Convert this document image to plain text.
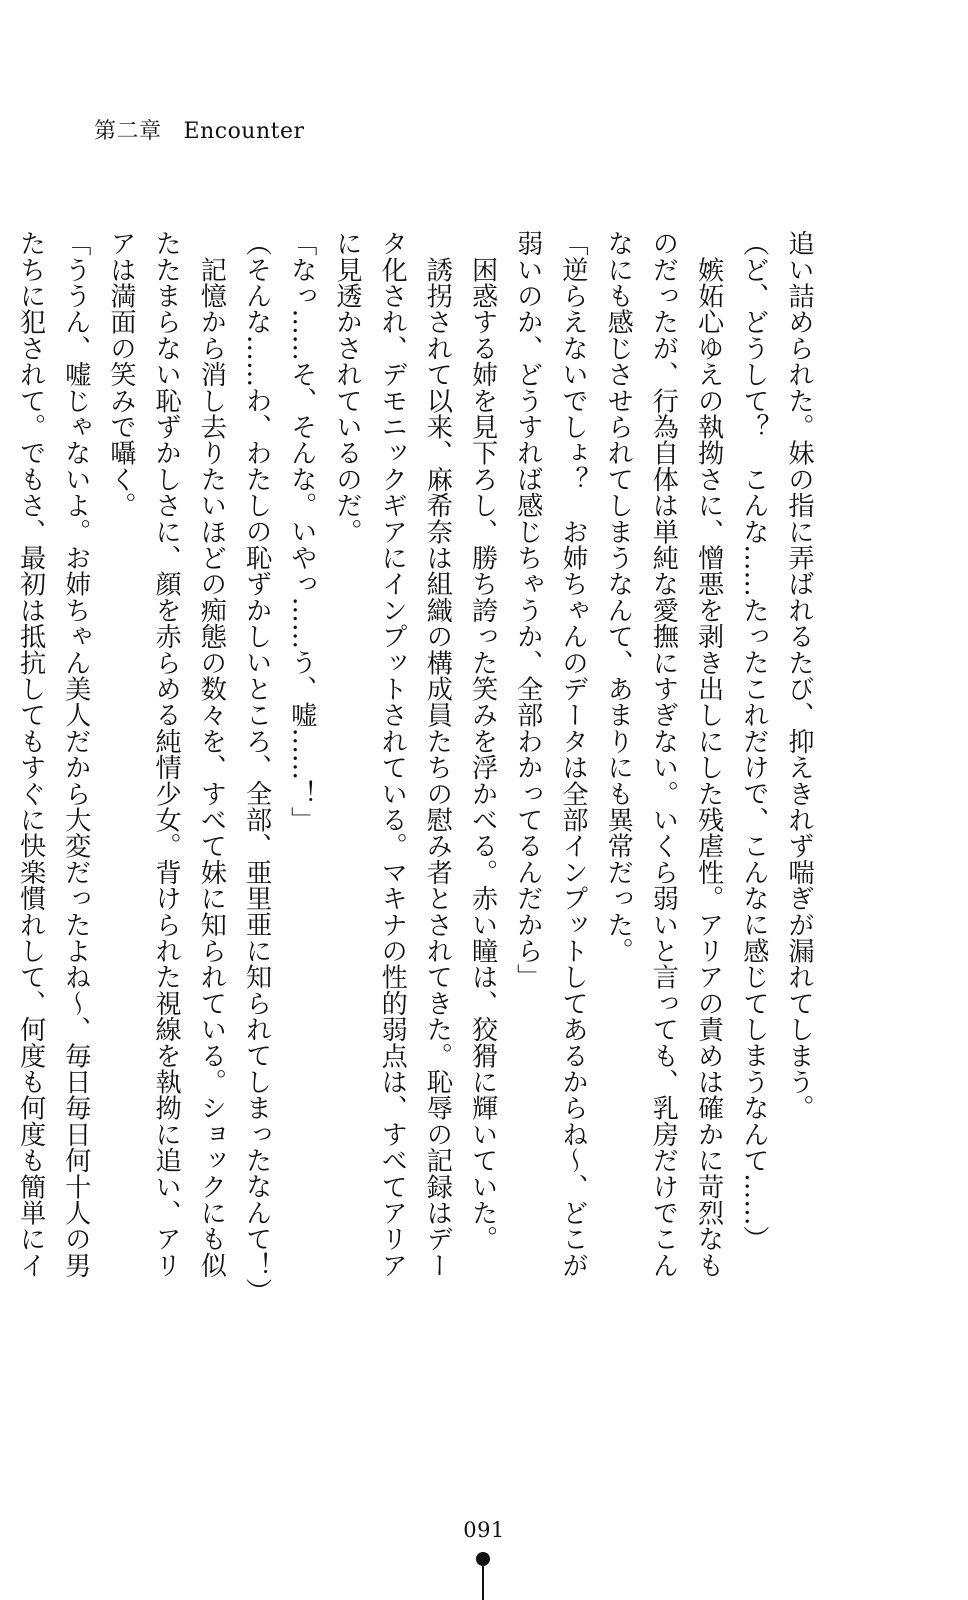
第二章 Encounter
追い詰められた。妹の指に弄ばれるたび、抑えきれず喘ぎが漏れてしまう。
（ど、どうして？　こんな……たったこれだけで、こんなに感じてしまうなんて……）
　嫉妬心ゆえの執拗さに、憎悪を剥き出しにした残虐性。アリアの責めは確かに苛烈なも
のだったが、行為自体は単純な愛撫にすぎない。いくら弱いと言っても、乳房だけでこん
なにも感じさせられてしまうなんて、あまりにも異常だった。
「逆らえないでしょ？　お姉ちゃんのデータは全部インプットしてあるからね～、どこが
弱いのか、どうすれば感じちゃうか、全部わかってるんだから」
　困惑する姉を見下ろし、勝ち誇った笑みを浮かべる。赤い瞳は、狡猾に輝いていた。
　誘拐されて以来、麻希奈は組織の構成員たちの慰み者とされてきた。恥辱の記録はデー
タ化され、デモニックギアにインプットされている。マキナの性的弱点は、すべてアリア
に見透かされているのだ。
「なっ……そ、そんな。いやっ……う、嘘……！」
（そんな……わ、わたしの恥ずかしいところ、全部、亜里亜に知られてしまったなんて！）
　記憶から消し去りたいほどの痴態の数々を、すべて妹に知られている。ショックにも似
たたまらない恥ずかしさに、顔を赤らめる純情少女。背けられた視線を執拗に追い、アリ
アは満面の笑みで囁く。
「ううん、嘘じゃないよ。お姉ちゃん美人だから大変だったよね～、毎日毎日何十人の男
たちに犯されて。でもさ、最初は抵抗してもすぐに快楽慣れして、何度も何度も簡単にイ
091
